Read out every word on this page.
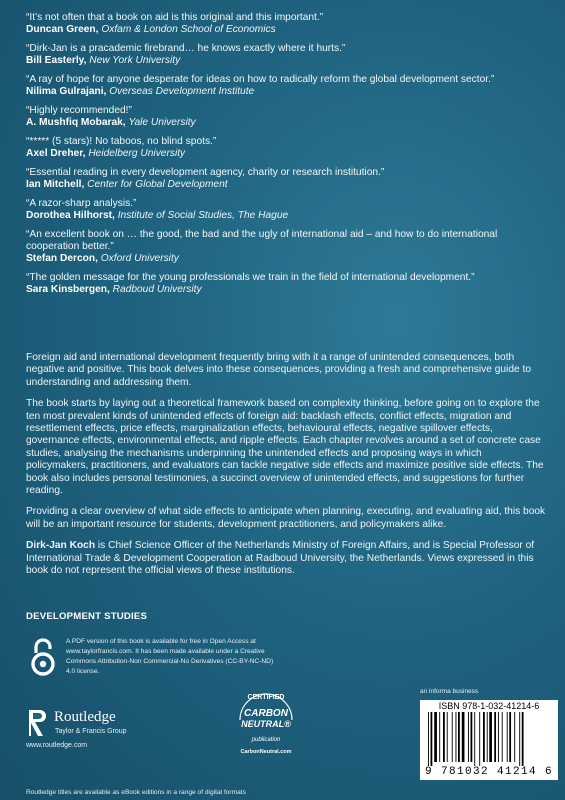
“It’s not often that a book on aid is this original and this important.”
Duncan Green, Oxfam & London School of Economics
“Dirk-Jan is a pracademic firebrand… he knows exactly where it hurts.”
Bill Easterly, New York University
“A ray of hope for anyone desperate for ideas on how to radically reform the global development sector.”
Nilima Gulrajani, Overseas Development Institute
“Highly recommended!”
A. Mushfiq Mobarak, Yale University
“***** (5 stars)! No taboos, no blind spots.”
Axel Dreher, Heidelberg University
“Essential reading in every development agency, charity or research institution.”
Ian Mitchell, Center for Global Development
“A razor-sharp analysis.”
Dorothea Hilhorst, Institute of Social Studies, The Hague
“An excellent book on … the good, the bad and the ugly of international aid – and how to do international cooperation better.”
Stefan Dercon, Oxford University
“The golden message for the young professionals we train in the field of international development.”
Sara Kinsbergen, Radboud University

Foreign aid and international development frequently bring with it a range of unintended consequences, both negative and positive. This book delves into these consequences, providing a fresh and comprehensive guide to understanding and addressing them.

The book starts by laying out a theoretical framework based on complexity thinking, before going on to explore the ten most prevalent kinds of unintended effects of foreign aid: backlash effects, conflict effects, migration and resettlement effects, price effects, marginalization effects, behavioural effects, negative spillover effects, governance effects, environmental effects, and ripple effects. Each chapter revolves around a set of concrete case studies, analysing the mechanisms underpinning the unintended effects and proposing ways in which policymakers, practitioners, and evaluators can tackle negative side effects and maximize positive side effects. The book also includes personal testimonies, a succinct overview of unintended effects, and suggestions for further reading.

Providing a clear overview of what side effects to anticipate when planning, executing, and evaluating aid, this book will be an important resource for students, development practitioners, and policymakers alike.

Dirk-Jan Koch is Chief Science Officer of the Netherlands Ministry of Foreign Affairs, and is Special Professor of International Trade & Development Cooperation at Radboud University, the Netherlands. Views expressed in this book do not represent the official views of these institutions.

DEVELOPMENT STUDIES
A PDF version of this book is available for free in Open Access at www.taylorfrancis.com. It has been made available under a Creative Commons Attribution-Non Commercial-No Derivatives (CC-BY-NC-ND) 4.0 license.
Routledge
Taylor & Francis Group
www.routledge.com
CERTIFIED
CARBON
NEUTRAL®
publication
CarbonNeutral.com
an informa business
ISBN 978-1-032-41214-6
9 781032 41214 6
Routledge titles are available as eBook editions in a range of digital formats
